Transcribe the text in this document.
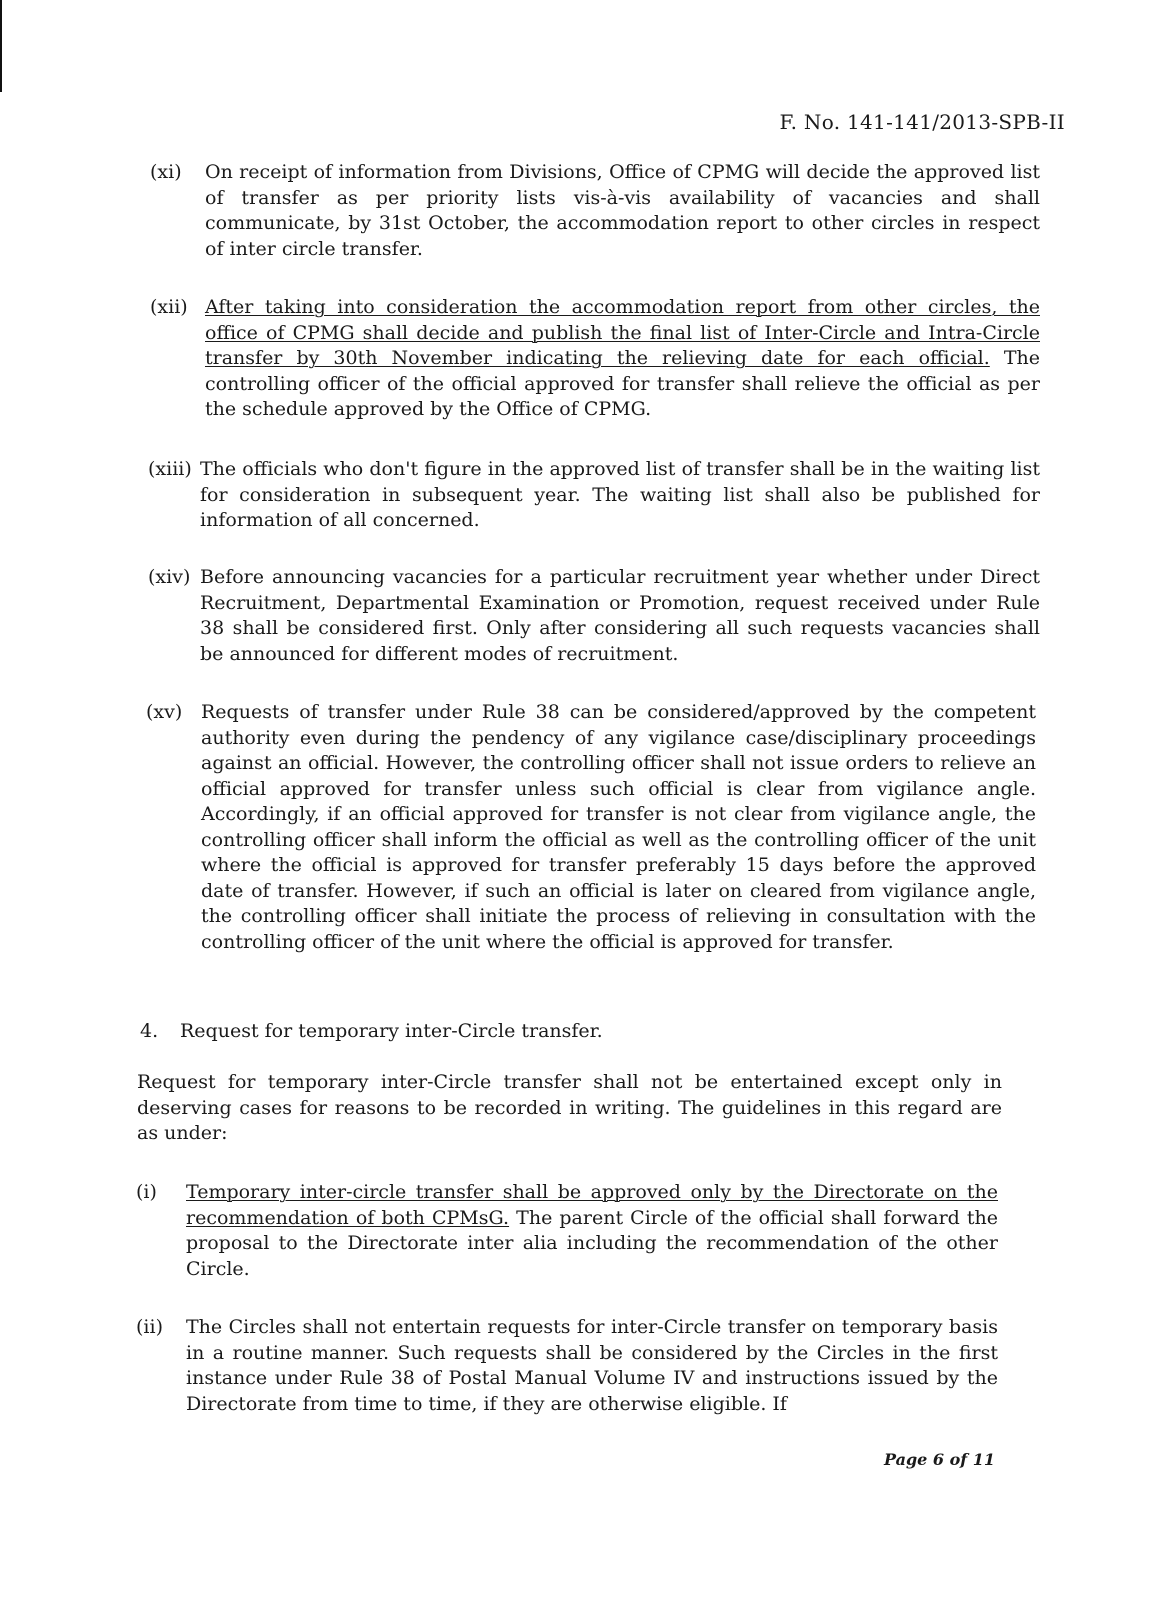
F. No. 141-141/2013-SPB-II
(xi) On receipt of information from Divisions, Office of CPMG will decide the approved list of transfer as per priority lists vis-à-vis availability of vacancies and shall communicate, by 31st October, the accommodation report to other circles in respect of inter circle transfer.
(xii) After taking into consideration the accommodation report from other circles, the office of CPMG shall decide and publish the final list of Inter-Circle and Intra-Circle transfer by 30th November indicating the relieving date for each official. The controlling officer of the official approved for transfer shall relieve the official as per the schedule approved by the Office of CPMG.
(xiii) The officials who don't figure in the approved list of transfer shall be in the waiting list for consideration in subsequent year. The waiting list shall also be published for information of all concerned.
(xiv) Before announcing vacancies for a particular recruitment year whether under Direct Recruitment, Departmental Examination or Promotion, request received under Rule 38 shall be considered first. Only after considering all such requests vacancies shall be announced for different modes of recruitment.
(xv) Requests of transfer under Rule 38 can be considered/approved by the competent authority even during the pendency of any vigilance case/disciplinary proceedings against an official. However, the controlling officer shall not issue orders to relieve an official approved for transfer unless such official is clear from vigilance angle. Accordingly, if an official approved for transfer is not clear from vigilance angle, the controlling officer shall inform the official as well as the controlling officer of the unit where the official is approved for transfer preferably 15 days before the approved date of transfer. However, if such an official is later on cleared from vigilance angle, the controlling officer shall initiate the process of relieving in consultation with the controlling officer of the unit where the official is approved for transfer.
4. Request for temporary inter-Circle transfer.
Request for temporary inter-Circle transfer shall not be entertained except only in deserving cases for reasons to be recorded in writing. The guidelines in this regard are as under:
(i) Temporary inter-circle transfer shall be approved only by the Directorate on the recommendation of both CPMsG. The parent Circle of the official shall forward the proposal to the Directorate inter alia including the recommendation of the other Circle.
(ii) The Circles shall not entertain requests for inter-Circle transfer on temporary basis in a routine manner. Such requests shall be considered by the Circles in the first instance under Rule 38 of Postal Manual Volume IV and instructions issued by the Directorate from time to time, if they are otherwise eligible. If
Page 6 of 11
